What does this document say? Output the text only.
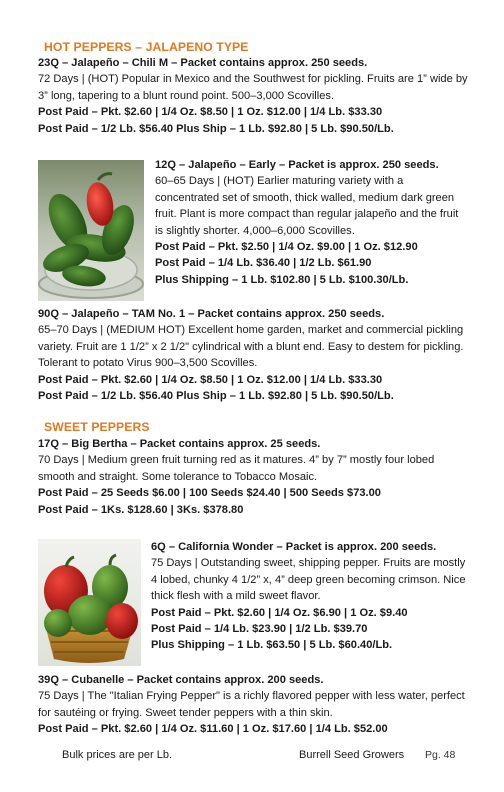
HOT PEPPERS – JALAPENO TYPE
23Q – Jalapeño – Chili M – Packet contains approx. 250 seeds.
72 Days | (HOT) Popular in Mexico and the Southwest for pickling. Fruits are 1” wide by 3” long, tapering to a blunt round point. 500–3,000 Scovilles.
Post Paid – Pkt. $2.60 | 1/4 Oz. $8.50 | 1 Oz. $12.00 | 1/4 Lb. $33.30
Post Paid – 1/2 Lb. $56.40 Plus Ship – 1 Lb. $92.80 | 5 Lb. $90.50/Lb.
12Q – Jalapeño – Early – Packet is approx. 250 seeds.
60–65 Days | (HOT) Earlier maturing variety with a concentrated set of smooth, thick walled, medium dark green fruit. Plant is more compact than regular jalapeño and the fruit is slightly shorter. 4,000–6,000 Scovilles.
Post Paid – Pkt. $2.50 | 1/4 Oz. $9.00 | 1 Oz. $12.90
Post Paid – 1/4 Lb. $36.40 | 1/2 Lb. $61.90
Plus Shipping – 1 Lb. $102.80 | 5 Lb. $100.30/Lb.
90Q – Jalapeño – TAM No. 1 – Packet contains approx. 250 seeds.
65–70 Days | (MEDIUM HOT) Excellent home garden, market and commercial pickling variety. Fruit are 1 1/2” x 2 1/2" cylindrical with a blunt end. Easy to destem for pickling. Tolerant to potato Virus 900–3,500 Scovilles.
Post Paid – Pkt. $2.60 | 1/4 Oz. $8.50 | 1 Oz. $12.00 | 1/4 Lb. $33.30
Post Paid – 1/2 Lb. $56.40 Plus Ship – 1 Lb. $92.80 | 5 Lb. $90.50/Lb.
SWEET PEPPERS
17Q – Big Bertha – Packet contains approx. 25 seeds.
70 Days | Medium green fruit turning red as it matures. 4” by 7” mostly four lobed smooth and straight. Some tolerance to Tobacco Mosaic.
Post Paid – 25 Seeds $6.00 | 100 Seeds $24.40 | 500 Seeds $73.00
Post Paid – 1Ks. $128.60 | 3Ks. $378.80
6Q – California Wonder – Packet is approx. 200 seeds.
75 Days | Outstanding sweet, shipping pepper. Fruits are mostly 4 lobed, chunky 4 1/2” x, 4” deep green becoming crimson. Nice thick flesh with a mild sweet flavor.
Post Paid – Pkt. $2.60 | 1/4 Oz. $6.90 | 1 Oz. $9.40
Post Paid – 1/4 Lb. $23.90 | 1/2 Lb. $39.70
Plus Shipping – 1 Lb. $63.50 | 5 Lb. $60.40/Lb.
39Q – Cubanelle – Packet contains approx. 200 seeds.
75 Days | The "Italian Frying Pepper" is a richly flavored pepper with less water, perfect for sautéing or frying. Sweet tender peppers with a thin skin.
Post Paid – Pkt. $2.60 | 1/4 Oz. $11.60 | 1 Oz. $17.60 | 1/4 Lb. $52.00
Bulk prices are per Lb.	Burrell Seed Growers Pg. 48
